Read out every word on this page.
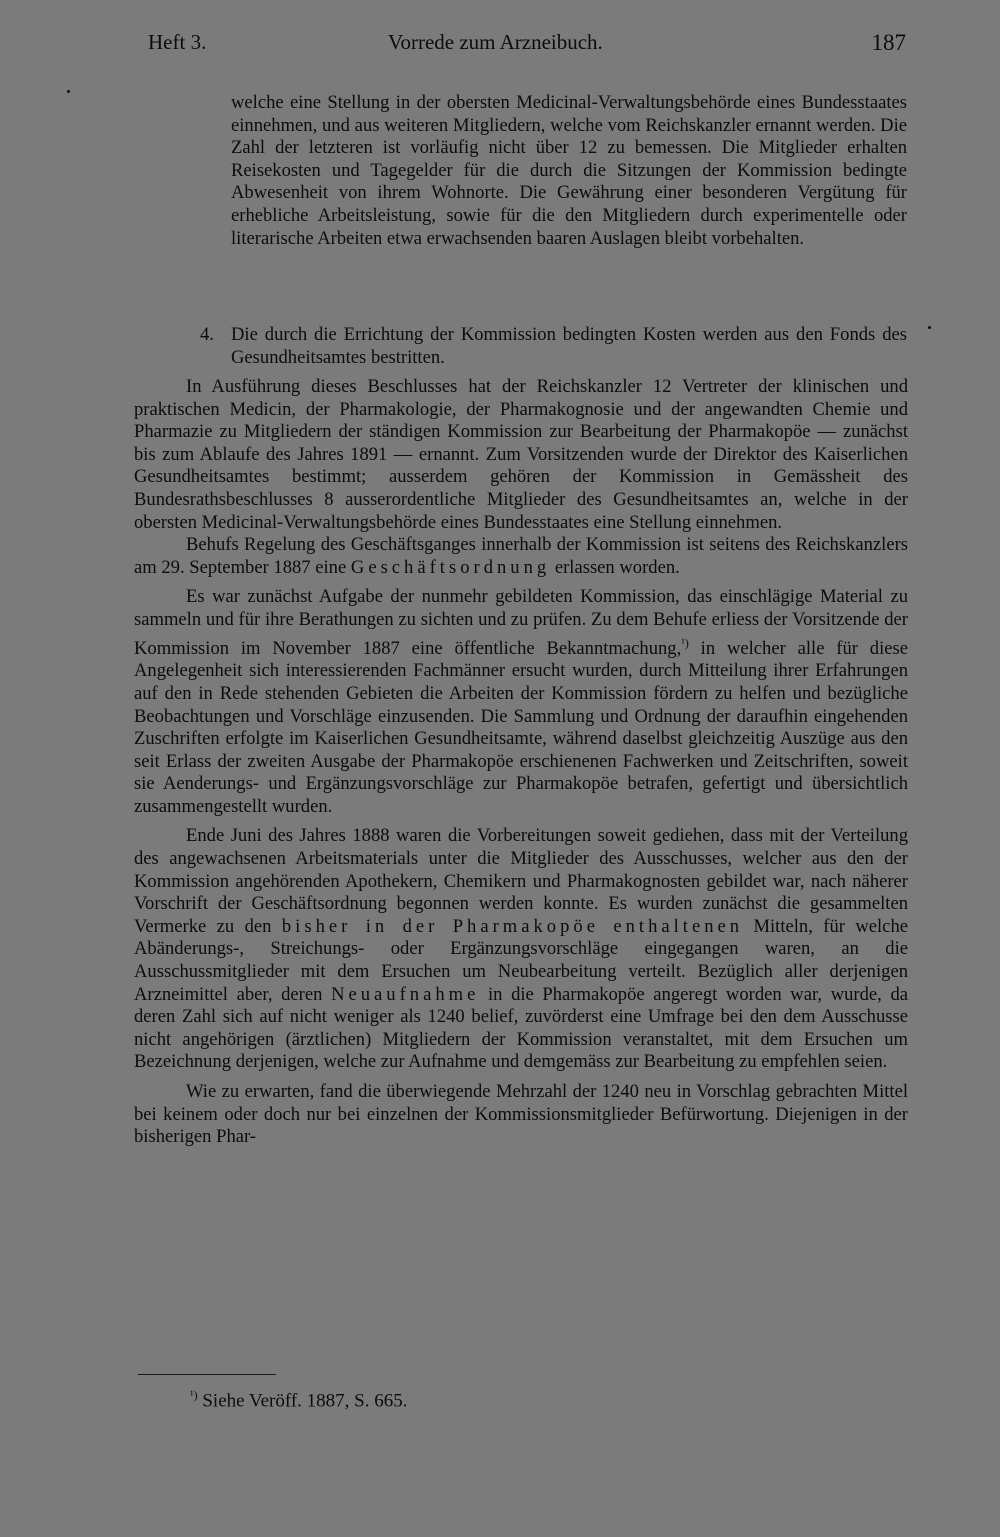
Heft 3.	Vorrede zum Arzneibuch.	187

welche eine Stellung in der obersten Medicinal-Verwaltungsbehörde eines Bundesstaates einnehmen, und aus weiteren Mitgliedern, welche vom Reichskanzler ernannt werden. Die Zahl der letzteren ist vorläufig nicht über 12 zu bemessen. Die Mitglieder erhalten Reisekosten und Tagegelder für die durch die Sitzungen der Kommission bedingte Abwesenheit von ihrem Wohnorte. Die Gewährung einer besonderen Vergütung für erhebliche Arbeitsleistung, sowie für die den Mitgliedern durch experimentelle oder literarische Arbeiten etwa erwachsenden baaren Auslagen bleibt vorbehalten.

4. Die durch die Errichtung der Kommission bedingten Kosten werden aus den Fonds des Gesundheitsamtes bestritten.

In Ausführung dieses Beschlusses hat der Reichskanzler 12 Vertreter der klinischen und praktischen Medicin, der Pharmakologie, der Pharmakognosie und der angewandten Chemie und Pharmazie zu Mitgliedern der ständigen Kommission zur Bearbeitung der Pharmakopöe — zunächst bis zum Ablaufe des Jahres 1891 — ernannt. Zum Vorsitzenden wurde der Direktor des Kaiserlichen Gesundheitsamtes bestimmt; ausserdem gehören der Kommission in Gemässheit des Bundesrathsbeschlusses 8 ausserordentliche Mitglieder des Gesundheitsamtes an, welche in der obersten Medicinal-Verwaltungsbehörde eines Bundesstaates eine Stellung einnehmen.

Behufs Regelung des Geschäftsganges innerhalb der Kommission ist seitens des Reichskanzlers am 29. September 1887 eine Geschäftsordnung erlassen worden.

Es war zunächst Aufgabe der nunmehr gebildeten Kommission, das einschlägige Material zu sammeln und für ihre Berathungen zu sichten und zu prüfen. Zu dem Behufe erliess der Vorsitzende der Kommission im November 1887 eine öffentliche Bekanntmachung,$^{^1)}$ in welcher alle für diese Angelegenheit sich interessierenden Fachmänner ersucht wurden, durch Mitteilung ihrer Erfahrungen auf den in Rede stehenden Gebieten die Arbeiten der Kommission fördern zu helfen und bezügliche Beobachtungen und Vorschläge einzusenden. Die Sammlung und Ordnung der daraufhin eingehenden Zuschriften erfolgte im Kaiserlichen Gesundheitsamte, während daselbst gleichzeitig Auszüge aus den seit Erlass der zweiten Ausgabe der Pharmakopöe erschienenen Fachwerken und Zeitschriften, soweit sie Aenderungs- und Ergänzungsvorschläge zur Pharmakopöe betrafen, gefertigt und übersichtlich zusammengestellt wurden.

Ende Juni des Jahres 1888 waren die Vorbereitungen soweit gediehen, dass mit der Verteilung des angewachsenen Arbeitsmaterials unter die Mitglieder des Ausschusses, welcher aus den der Kommission angehörenden Apothekern, Chemikern und Pharmakognosten gebildet war, nach näherer Vorschrift der Geschäftsordnung begonnen werden konnte. Es wurden zunächst die gesammelten Vermerke zu den bisher in der Pharmakopöe enthaltenen Mitteln, für welche Abänderungs-, Streichungs- oder Ergänzungsvorschläge eingegangen waren, an die Ausschussmitglieder mit dem Ersuchen um Neubearbeitung verteilt. Bezüglich aller derjenigen Arzneimittel aber, deren Neuaufnahme in die Pharmakopöe angeregt worden war, wurde, da deren Zahl sich auf nicht weniger als 1240 belief, zuvörderst eine Umfrage bei den dem Ausschusse nicht angehörigen (ärztlichen) Mitgliedern der Kommission veranstaltet, mit dem Ersuchen um Bezeichnung derjenigen, welche zur Aufnahme und demgemäss zur Bearbeitung zu empfehlen seien.

Wie zu erwarten, fand die überwiegende Mehrzahl der 1240 neu in Vorschlag gebrachten Mittel bei keinem oder doch nur bei einzelnen der Kommissionsmitglieder Befürwortung. Diejenigen in der bisherigen Phar-

$^{^1)}$ Siehe Veröff. 1887, S. 665.
